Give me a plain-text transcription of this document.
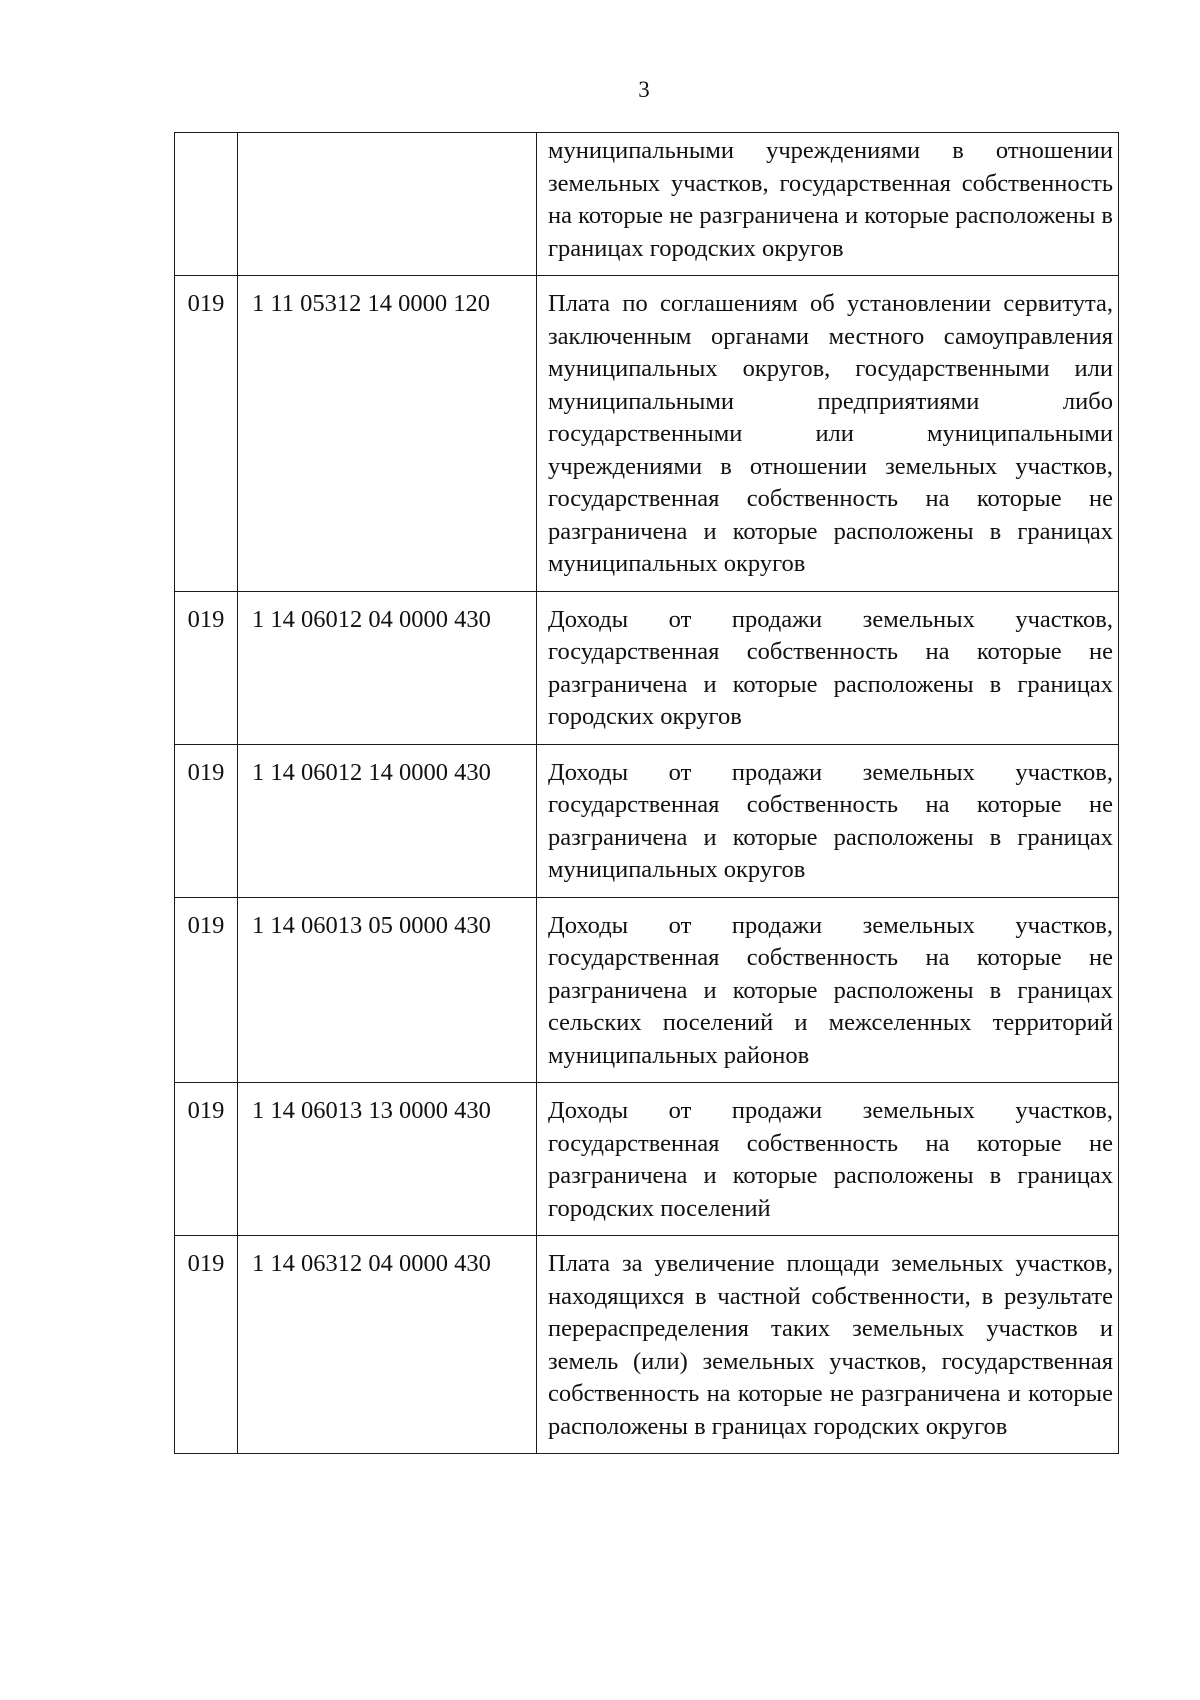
3
		муниципальными учреждениями в отношении земельных участков, государственная собственность на которые не разграничена и которые расположены в границах городских округов
019	1 11 05312 14 0000 120	Плата по соглашениям об установлении сервитута, заключенным органами местного самоуправления муниципальных округов, государственными или муниципальными предприятиями либо государственными или муниципальными учреждениями в отношении земельных участков, государственная собственность на которые не разграничена и которые расположены в границах муниципальных округов
019	1 14 06012 04 0000 430	Доходы от продажи земельных участков, государственная собственность на которые не разграничена и которые расположены в границах городских округов
019	1 14 06012 14 0000 430	Доходы от продажи земельных участков, государственная собственность на которые не разграничена и которые расположены в границах муниципальных округов
019	1 14 06013 05 0000 430	Доходы от продажи земельных участков, государственная собственность на которые не разграничена и которые расположены в границах сельских поселений и межселенных территорий муниципальных районов
019	1 14 06013 13 0000 430	Доходы от продажи земельных участков, государственная собственность на которые не разграничена и которые расположены в границах городских поселений
019	1 14 06312 04 0000 430	Плата за увеличение площади земельных участков, находящихся в частной собственности, в результате перераспределения таких земельных участков и земель (или) земельных участков, государственная собственность на которые не разграничена и которые расположены в границах городских округов
